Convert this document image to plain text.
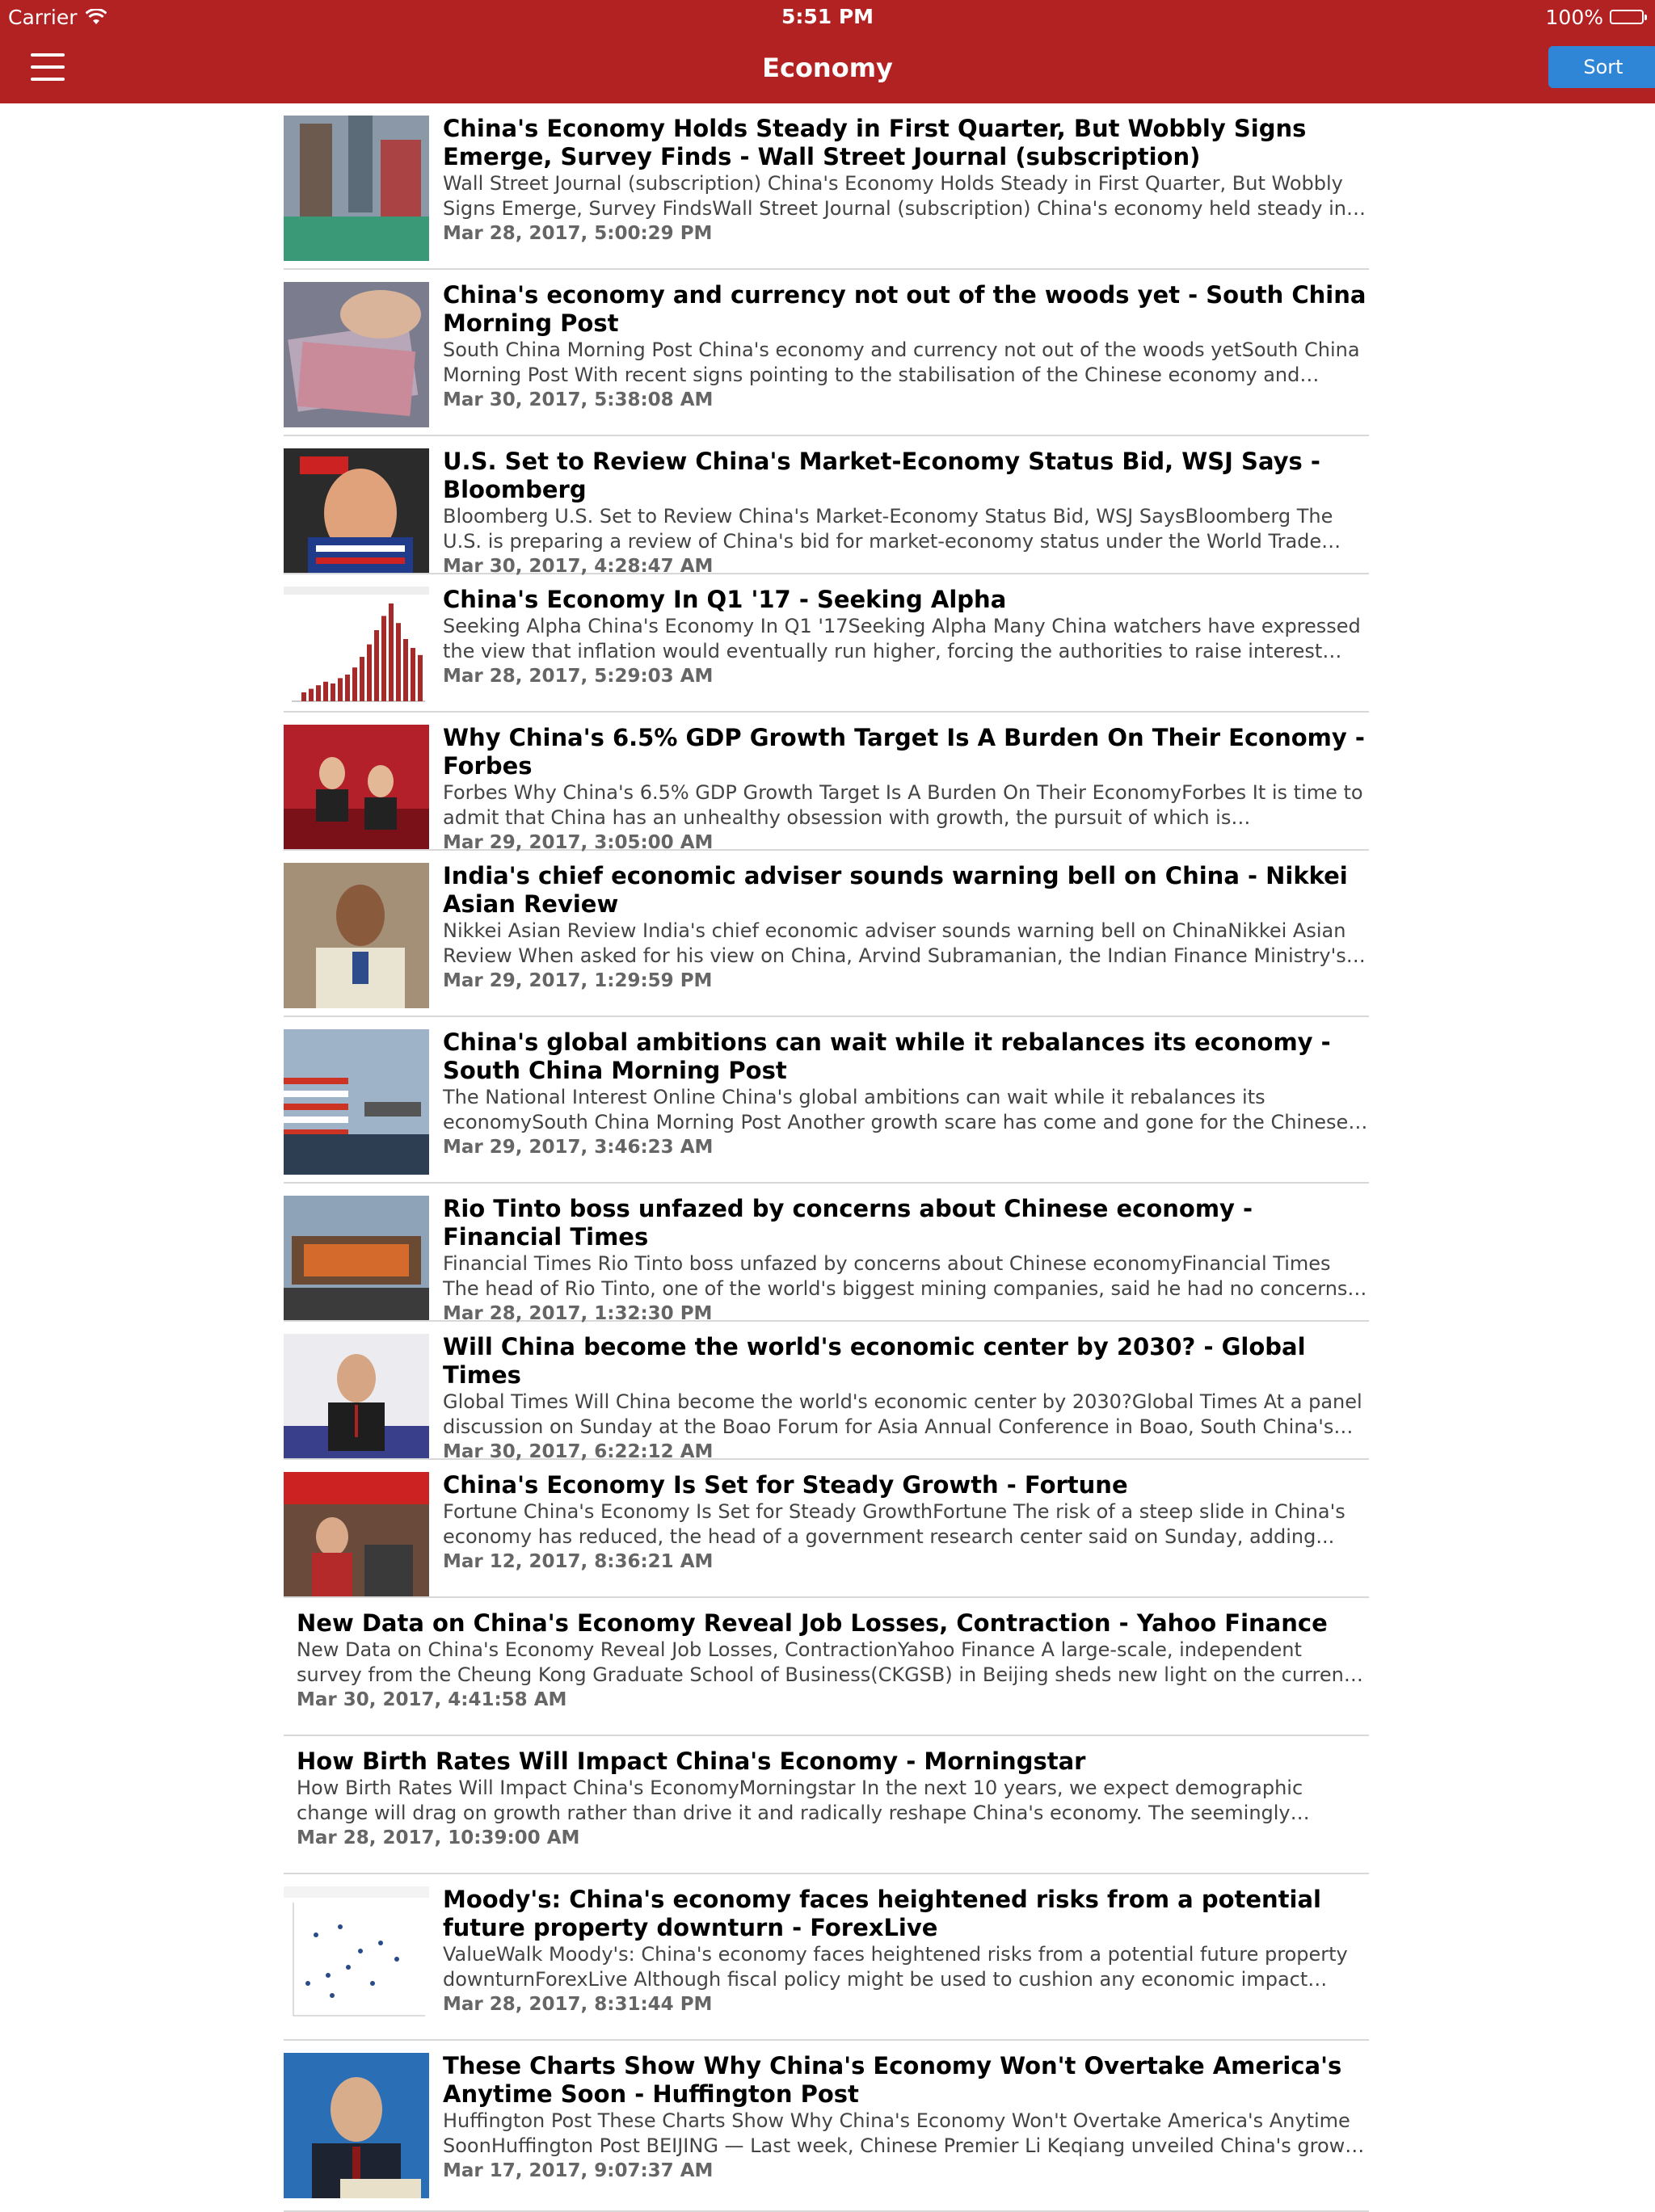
Carrier	5:51 PM	100%
Economy	Sort
China's Economy Holds Steady in First Quarter, But Wobbly Signs Emerge, Survey Finds - Wall Street Journal (subscription)
Wall Street Journal (subscription) China's Economy Holds Steady in First Quarter, But Wobbly Signs Emerge, Survey FindsWall Street Journal (subscription) China's economy held steady in
Mar 28, 2017, 5:00:29 PM
China's economy and currency not out of the woods yet - South China Morning Post
South China Morning Post China's economy and currency not out of the woods yetSouth China Morning Post With recent signs pointing to the stabilisation of the Chinese economy and
Mar 30, 2017, 5:38:08 AM
U.S. Set to Review China's Market-Economy Status Bid, WSJ Says - Bloomberg
Bloomberg U.S. Set to Review China's Market-Economy Status Bid, WSJ SaysBloomberg The U.S. is preparing a review of China's bid for market-economy status under the World Trade
Mar 30, 2017, 4:28:47 AM
China's Economy In Q1 '17 - Seeking Alpha
Seeking Alpha China's Economy In Q1 '17Seeking Alpha Many China watchers have expressed the view that inflation would eventually run higher, forcing the authorities to raise interest
Mar 28, 2017, 5:29:03 AM
Why China's 6.5% GDP Growth Target Is A Burden On Their Economy - Forbes
Forbes Why China's 6.5% GDP Growth Target Is A Burden On Their EconomyForbes It is time to admit that China has an unhealthy obsession with growth, the pursuit of which is
Mar 29, 2017, 3:05:00 AM
India's chief economic adviser sounds warning bell on China - Nikkei Asian Review
Nikkei Asian Review India's chief economic adviser sounds warning bell on ChinaNikkei Asian Review When asked for his view on China, Arvind Subramanian, the Indian Finance Ministry's
Mar 29, 2017, 1:29:59 PM
China's global ambitions can wait while it rebalances its economy - South China Morning Post
The National Interest Online China's global ambitions can wait while it rebalances its economySouth China Morning Post Another growth scare has come and gone for the Chinese
Mar 29, 2017, 3:46:23 AM
Rio Tinto boss unfazed by concerns about Chinese economy - Financial Times
Financial Times Rio Tinto boss unfazed by concerns about Chinese economyFinancial Times The head of Rio Tinto, one of the world's biggest mining companies, said he had no concerns
Mar 28, 2017, 1:32:30 PM
Will China become the world's economic center by 2030? - Global Times
Global Times Will China become the world's economic center by 2030?Global Times At a panel discussion on Sunday at the Boao Forum for Asia Annual Conference in Boao, South China's
Mar 30, 2017, 6:22:12 AM
China's Economy Is Set for Steady Growth - Fortune
Fortune China's Economy Is Set for Steady GrowthFortune The risk of a steep slide in China's economy has reduced, the head of a government research center said on Sunday, adding...
Mar 12, 2017, 8:36:21 AM
New Data on China's Economy Reveal Job Losses, Contraction - Yahoo Finance
New Data on China's Economy Reveal Job Losses, ContractionYahoo Finance A large-scale, independent survey from the Cheung Kong Graduate School of Business(CKGSB) in Beijing sheds new light on the current
Mar 30, 2017, 4:41:58 AM
How Birth Rates Will Impact China's Economy - Morningstar
How Birth Rates Will Impact China's EconomyMorningstar In the next 10 years, we expect demographic change will drag on growth rather than drive it and radically reshape China's economy. The seemingly
Mar 28, 2017, 10:39:00 AM
Moody's: China's economy faces heightened risks from a potential future property downturn - ForexLive
ValueWalk Moody's: China's economy faces heightened risks from a potential future property downturnForexLive Although fiscal policy might be used to cushion any economic impact
Mar 28, 2017, 8:31:44 PM
These Charts Show Why China's Economy Won't Overtake America's Anytime Soon - Huffington Post
Huffington Post These Charts Show Why China's Economy Won't Overtake America's Anytime SoonHuffington Post BEIJING — Last week, Chinese Premier Li Keqiang unveiled China's growth
Mar 17, 2017, 9:07:37 AM
